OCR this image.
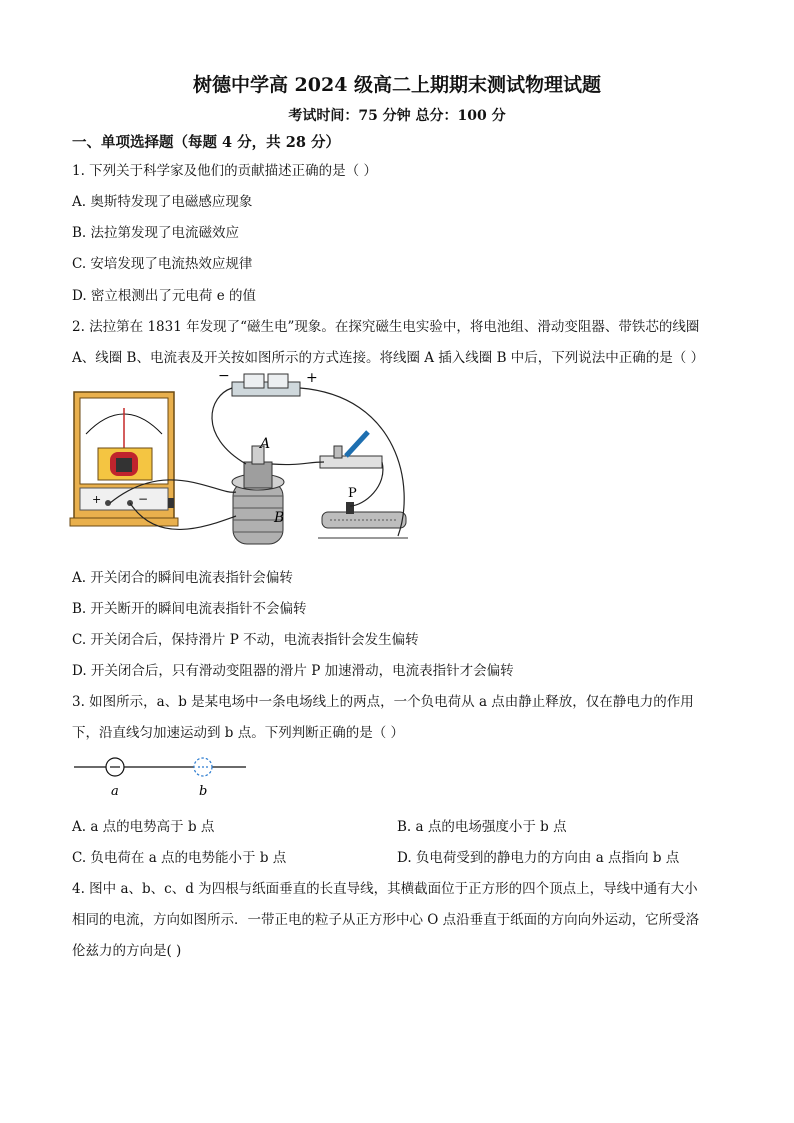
树德中学高 2024 级高二上期期末测试物理试题
考试时间：75 分钟 总分：100 分
一、单项选择题（每题 4 分，共 28 分）
1. 下列关于科学家及他们的贡献描述正确的是（ ）
A. 奥斯特发现了电磁感应现象
B. 法拉第发现了电流磁效应
C. 安培发现了电流热效应规律
D. 密立根测出了元电荷 e 的值
2. 法拉第在 1831 年发现了“磁生电”现象。在探究磁生电实验中，将电池组、滑动变阻器、带铁芯的线圈
A、线圈 B、电流表及开关按如图所示的方式连接。将线圈 A 插入线圈 B 中后，下列说法中正确的是（ ）
+	−
−	+
A
B
P
A. 开关闭合的瞬间电流表指针会偏转
B. 开关断开的瞬间电流表指针不会偏转
C. 开关闭合后，保持滑片 P 不动，电流表指针会发生偏转
D. 开关闭合后，只有滑动变阻器的滑片 P 加速滑动，电流表指针才会偏转
3. 如图所示，a、b 是某电场中一条电场线上的两点，一个负电荷从 a 点由静止释放，仅在静电力的作用
下，沿直线匀加速运动到 b 点。下列判断正确的是（ ）
a	b
A. a 点的电势高于 b 点	B. a 点的电场强度小于 b 点
C. 负电荷在 a 点的电势能小于 b 点	D. 负电荷受到的静电力的方向由 a 点指向 b 点
4. 图中 a、b、c、d 为四根与纸面垂直的长直导线，其横截面位于正方形的四个顶点上，导线中通有大小
相同的电流，方向如图所示．一带正电的粒子从正方形中心 O 点沿垂直于纸面的方向向外运动，它所受洛
伦兹力的方向是( )
